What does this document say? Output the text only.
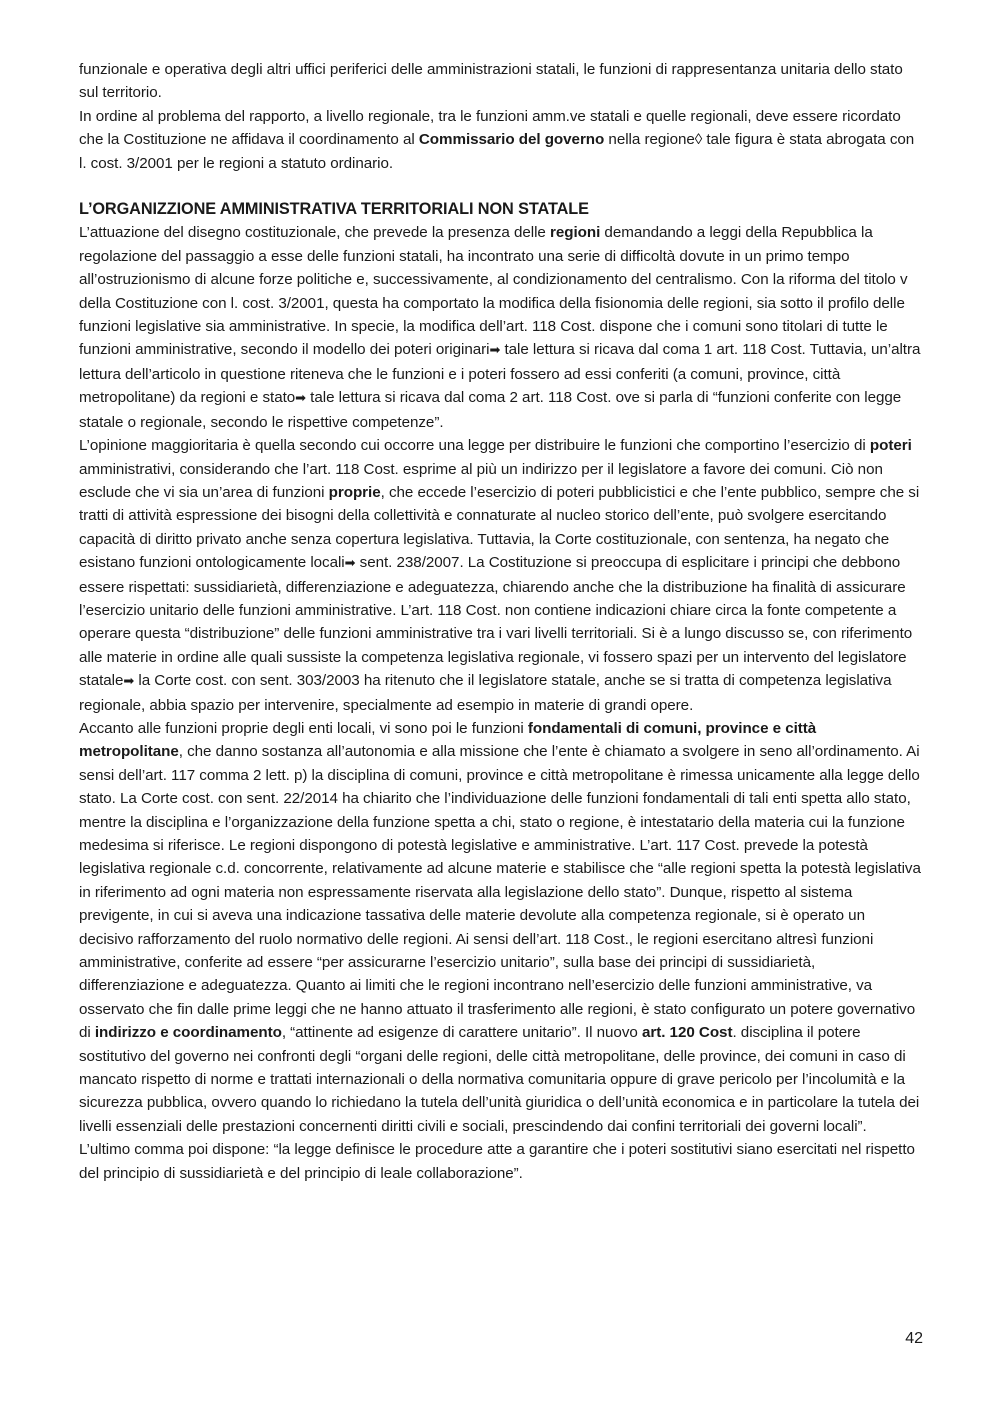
funzionale e operativa degli altri uffici periferici delle amministrazioni statali, le funzioni di rappresentanza unitaria dello stato sul territorio.

In ordine al problema del rapporto, a livello regionale, tra le funzioni amm.ve statali e quelle regionali, deve essere ricordato che la Costituzione ne affidava il coordinamento al Commissario del governo nella regione◊ tale figura è stata abrogata con l. cost. 3/2001 per le regioni a statuto ordinario.

L’ORGANIZZIONE AMMINISTRATIVA TERRITORIALI NON STATALE

L’attuazione del disegno costituzionale, che prevede la presenza delle regioni demandando a leggi della Repubblica la regolazione del passaggio a esse delle funzioni statali, ha incontrato una serie di difficoltà dovute in un primo tempo all’ostruzionismo di alcune forze politiche e, successivamente, al condizionamento del centralismo. Con la riforma del titolo v della Costituzione con l. cost. 3/2001, questa ha comportato la modifica della fisionomia delle regioni, sia sotto il profilo delle funzioni legislative sia amministrative. In specie, la modifica dell’art. 118 Cost. dispone che i comuni sono titolari di tutte le funzioni amministrative, secondo il modello dei poteri originari➡ tale lettura si ricava dal coma 1 art. 118 Cost. Tuttavia, un’altra lettura dell’articolo in questione riteneva che le funzioni e i poteri fossero ad essi conferiti (a comuni, province, città metropolitane) da regioni e stato➡ tale lettura si ricava dal coma 2 art. 118 Cost. ove si parla di “funzioni conferite con legge statale o regionale, secondo le rispettive competenze”.

L’opinione maggioritaria è quella secondo cui occorre una legge per distribuire le funzioni che comportino l’esercizio di poteri amministrativi, considerando che l’art. 118 Cost. esprime al più un indirizzo per il legislatore a favore dei comuni. Ciò non esclude che vi sia un’area di funzioni proprie, che eccede l’esercizio di poteri pubblicistici e che l’ente pubblico, sempre che si tratti di attività espressione dei bisogni della collettività e connaturate al nucleo storico dell’ente, può svolgere esercitando capacità di diritto privato anche senza copertura legislativa. Tuttavia, la Corte costituzionale, con sentenza, ha negato che esistano funzioni ontologicamente locali➡ sent. 238/2007. La Costituzione si preoccupa di esplicitare i principi che debbono essere rispettati: sussidiarietà, differenziazione e adeguatezza, chiarendo anche che la distribuzione ha finalità di assicurare l’esercizio unitario delle funzioni amministrative. L’art. 118 Cost. non contiene indicazioni chiare circa la fonte competente a operare questa “distribuzione” delle funzioni amministrative tra i vari livelli territoriali. Si è a lungo discusso se, con riferimento alle materie in ordine alle quali sussiste la competenza legislativa regionale, vi fossero spazi per un intervento del legislatore statale➡ la Corte cost. con sent. 303/2003 ha ritenuto che il legislatore statale, anche se si tratta di competenza legislativa regionale, abbia spazio per intervenire, specialmente ad esempio in materie di grandi opere.

Accanto alle funzioni proprie degli enti locali, vi sono poi le funzioni fondamentali di comuni, province e città metropolitane, che danno sostanza all’autonomia e alla missione che l’ente è chiamato a svolgere in seno all’ordinamento. Ai sensi dell’art. 117 comma 2 lett. p) la disciplina di comuni, province e città metropolitane è rimessa unicamente alla legge dello stato. La Corte cost. con sent. 22/2014 ha chiarito che l’individuazione delle funzioni fondamentali di tali enti spetta allo stato, mentre la disciplina e l’organizzazione della funzione spetta a chi, stato o regione, è intestatario della materia cui la funzione medesima si riferisce. Le regioni dispongono di potestà legislative e amministrative. L’art. 117 Cost. prevede la potestà legislativa regionale c.d. concorrente, relativamente ad alcune materie e stabilisce che “alle regioni spetta la potestà legislativa in riferimento ad ogni materia non espressamente riservata alla legislazione dello stato”. Dunque, rispetto al sistema previgente, in cui si aveva una indicazione tassativa delle materie devolute alla competenza regionale, si è operato un decisivo rafforzamento del ruolo normativo delle regioni. Ai sensi dell’art. 118 Cost., le regioni esercitano altresì funzioni amministrative, conferite ad essere “per assicurarne l’esercizio unitario”, sulla base dei principi di sussidiarietà, differenziazione e adeguatezza. Quanto ai limiti che le regioni incontrano nell’esercizio delle funzioni amministrative, va osservato che fin dalle prime leggi che ne hanno attuato il trasferimento alle regioni, è stato configurato un potere governativo di indirizzo e coordinamento, “attinente ad esigenze di carattere unitario”. Il nuovo art. 120 Cost. disciplina il potere sostitutivo del governo nei confronti degli “organi delle regioni, delle città metropolitane, delle province, dei comuni in caso di mancato rispetto di norme e trattati internazionali o della normativa comunitaria oppure di grave pericolo per l’incolumità e la sicurezza pubblica, ovvero quando lo richiedano la tutela dell’unità giuridica o dell’unità economica e in particolare la tutela dei livelli essenziali delle prestazioni concernenti diritti civili e sociali, prescindendo dai confini territoriali dei governi locali”. L’ultimo comma poi dispone: “la legge definisce le procedure atte a garantire che i poteri sostitutivi siano esercitati nel rispetto del principio di sussidiarietà e del principio di leale collaborazione”.

42
